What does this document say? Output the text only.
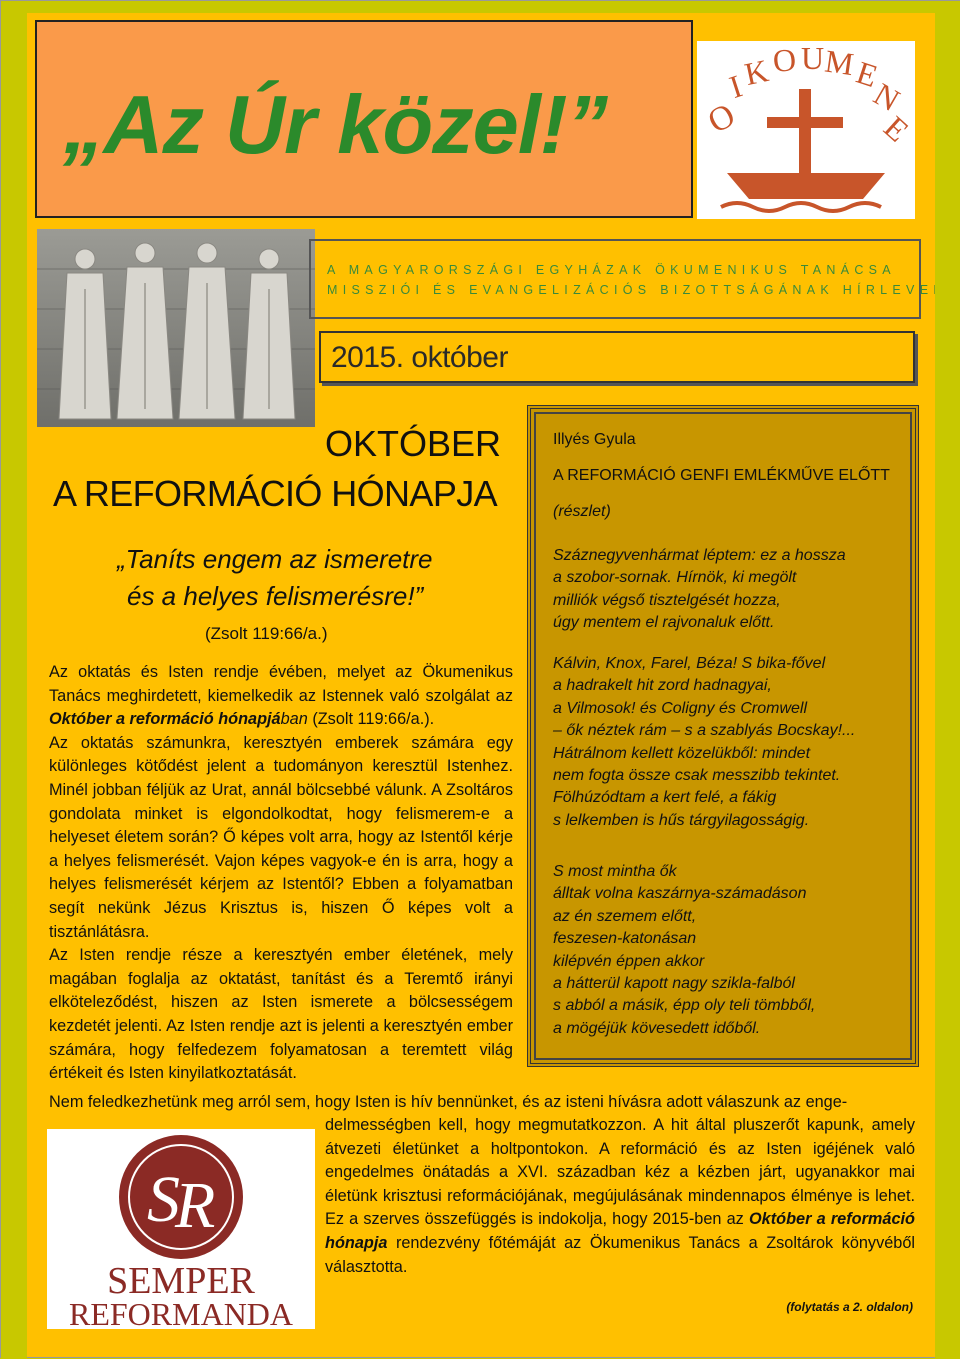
„Az Úr közel!”	O
I
K O U
M
E
N
E
A MAGYARORSZÁGI EGYHÁZAK ÖKUMENIKUS TANÁCSA
MISSZIÓI ÉS EVANGELIZÁCIÓS BIZOTTSÁGÁNAK HÍRLEVELE
2015. október
OKTÓBER
A REFORMÁCIÓ HÓNAPJA
„Taníts engem az ismeretre
és a helyes felismerésre!”
(Zsolt 119:66/a.)

Az oktatás és Isten rendje évében, melyet az Ökumenikus Tanács meghirdetett, kiemelkedik az Istennek való szolgálat az Október a reformáció hónapjában (Zsolt 119:66/a.).

Az oktatás számunkra, keresztyén emberek számára egy különleges kötődést jelent a tudományon keresztül Istenhez. Minél jobban féljük az Urat, annál bölcsebbé válunk. A Zsoltáros gondolata minket is elgondolkodtat, hogy felismerem-e a helyeset életem során? Ő képes volt arra, hogy az Istentől kérje a helyes felismerését. Vajon képes vagyok-e én is arra, hogy a helyes felismerését kérjem az Istentől? Ebben a folyamatban segít nekünk Jézus Krisztus is, hiszen Ő képes volt a tisztánlátásra.

Az Isten rendje része a keresztyén ember életének, mely magában foglalja az oktatást, tanítást és a Teremtő irányi elköteleződést, hiszen az Isten ismerete a bölcsességem kezdetét jelenti. Az Isten rendje azt is jelenti a keresztyén ember számára, hogy felfedezem folyamatosan a teremtett világ értékeit és Isten kinyilatkoztatását.

Nem feledkezhetünk meg arról sem, hogy Isten is hív bennünket, és az isteni hívásra adott válaszunk az enge-
delmességben kell, hogy megmutatkozzon. A hit által pluszerőt kapunk, amely átvezeti életünket a holtpontokon. A reformáció és az Isten igéjének való engedelmes önátadás a XVI. században kéz a kézben járt, ugyanakkor mai életünk krisztusi reformációjának, megújulásának mindennapos élménye is lehet. Ez a szerves összefüggés is indokolja, hogy 2015-ben az Október a reformáció hónapja rendezvény főtémáját az Ökumenikus Tanács a Zsoltárok könyvéből választotta.
(folytatás a 2. oldalon)
Illyés Gyula
A REFORMÁCIÓ GENFI EMLÉKMŰVE ELŐTT
(részlet)
Száznegyvenhármat léptem: ez a hossza
a szobor-sornak. Hírnök, ki megölt
milliók végső tisztelgését hozza,
úgy mentem el rajvonaluk előtt.
Kálvin, Knox, Farel, Béza! S bika-fővel
a hadrakelt hit zord hadnagyai,
a Vilmosok! és Coligny és Cromwell
– ők néztek rám – s a szablyás Bocskay!...
Hátrálnom kellett közelükből: mindet
nem fogta össze csak messzibb tekintet.
Fölhúzódtam a kert felé, a fákig
s lelkemben is hűs tárgyilagosságig.
S most mintha ők
álltak volna kaszárnya-számadáson
az én szemem előtt,
feszesen-katonásan
kilépvén éppen akkor
a hátterül kapott nagy szikla-falból
s abból a másik, épp oly teli tömbből,
a mögéjük kövesedett időből.
S
R
SEMPER
REFORMANDA
